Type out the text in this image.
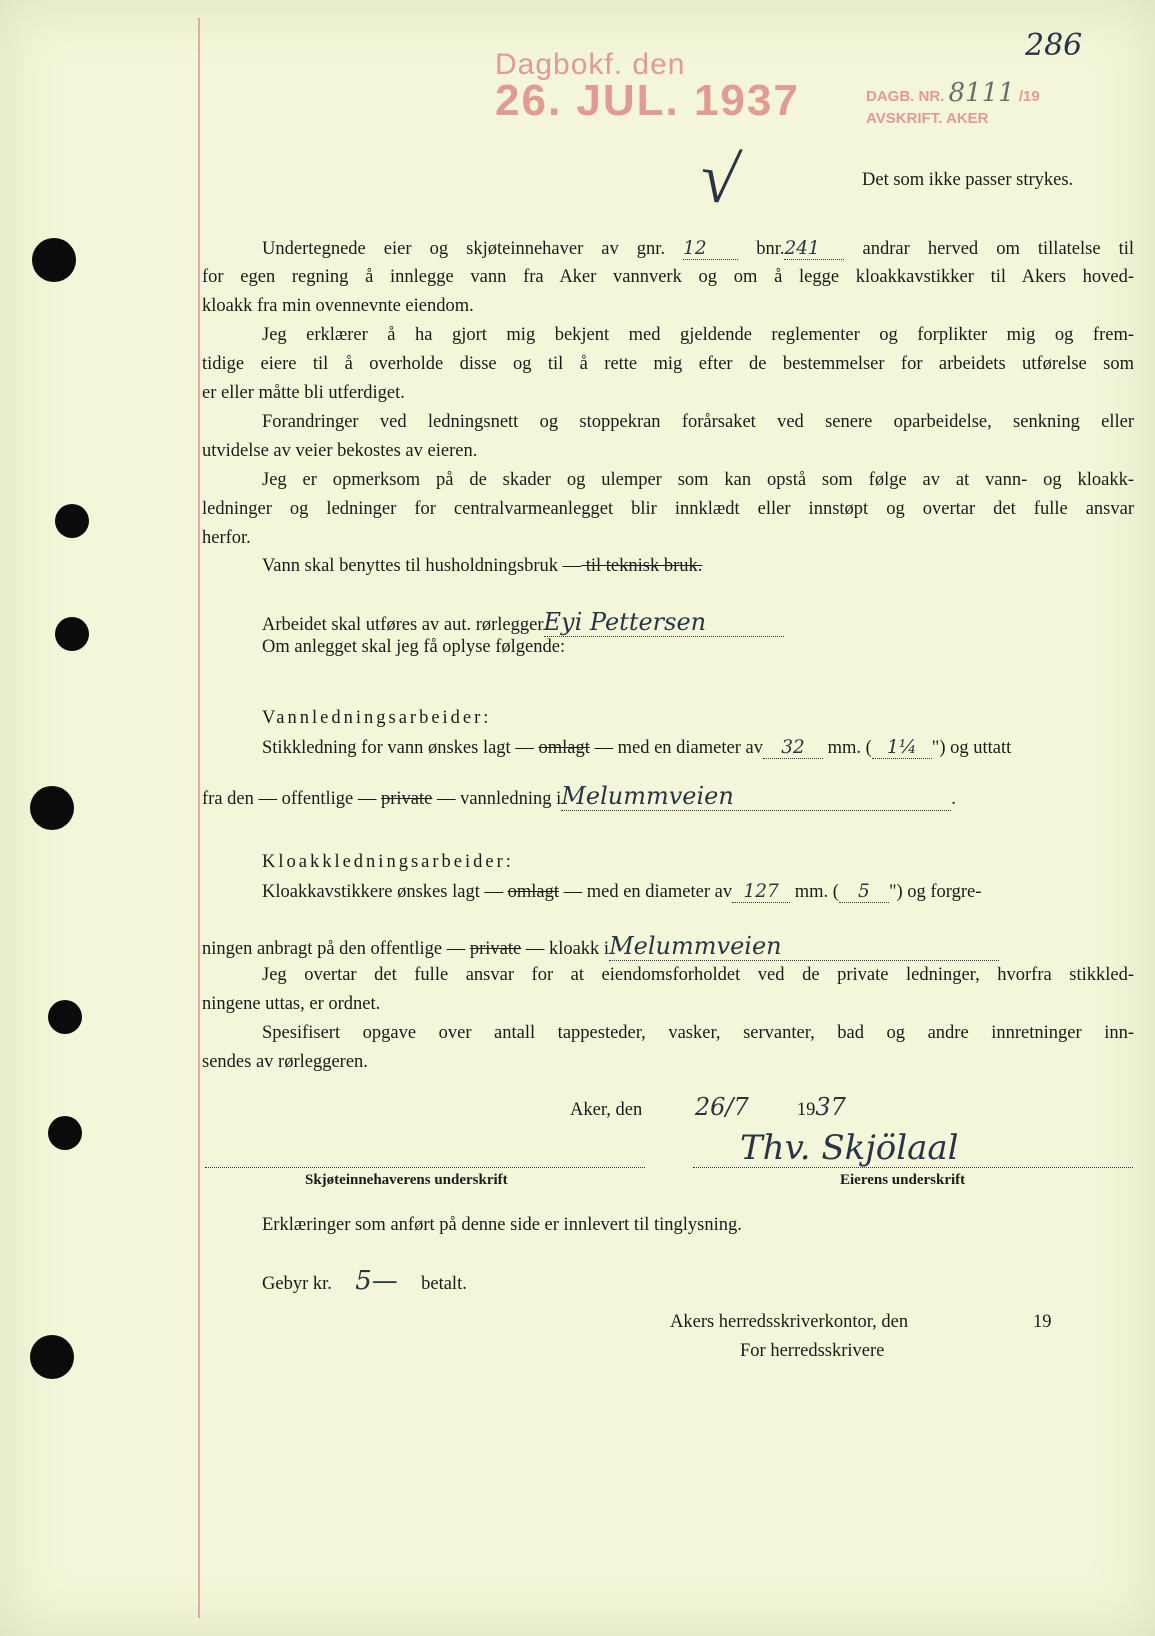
Dagbokf. den
26. JUL. 1937	DAGB. NR. 8111 /19
AVSKRIFT. AKER
286
√	Det som ikke passer strykes.
Undertegnede eier og skjøteinnehaver av gnr. 12	bnr.241 andrar herved om tillatelse til
for egen regning å innlegge vann fra Aker vannverk og om å legge kloakkavstikker til Akers hoved-
kloakk fra min ovennevnte eiendom.
Jeg erklærer å ha gjort mig bekjent med gjeldende reglementer og forplikter mig og frem-
tidige eiere til å overholde disse og til å rette mig efter de bestemmelser for arbeidets utførelse som
er eller måtte bli utferdiget.
Forandringer ved ledningsnett og stoppekran forårsaket ved senere oparbeidelse, senkning eller
utvidelse av veier bekostes av eieren.
Jeg er opmerksom på de skader og ulemper som kan opstå som følge av at vann- og kloakk-
ledninger og ledninger for centralvarmeanlegget blir innklædt eller innstøpt og overtar det fulle ansvar
herfor.
Vann skal benyttes til husholdningsbruk — til teknisk bruk.
Arbeidet skal utføres av aut. rørleggerEyi Pettersen
Om anlegget skal jeg få oplyse følgende:
Vannledningsarbeider:
Stikkledning for vann ønskes lagt — omlagt — med en diameter av 32 mm. ( 1¼ ") og uttatt
fra den — offentlige — private — vannledning iMelummveien	.
Kloakkledningsarbeider:
Kloakkavstikkere ønskes lagt — omlagt — med en diameter av 127 mm. ( 5 ") og forgre-
ningen anbragt på den offentlige — private — kloakk iMelummveien
Jeg overtar det fulle ansvar for at eiendomsforholdet ved de private ledninger, hvorfra stikkled-
ningene uttas, er ordnet.
Spesifisert opgave over antall tappesteder, vasker, servanter, bad og andre innretninger inn-
sendes av rørleggeren.
Aker, den 26/7	1937
Thv. Skjölaal
Skjøteinnehaverens underskrift	Eierens underskrift
Erklæringer som anført på denne side er innlevert til tinglysning.
Gebyr kr. 5— betalt.
Akers herredsskriverkontor, den	19
For herredsskrivere
